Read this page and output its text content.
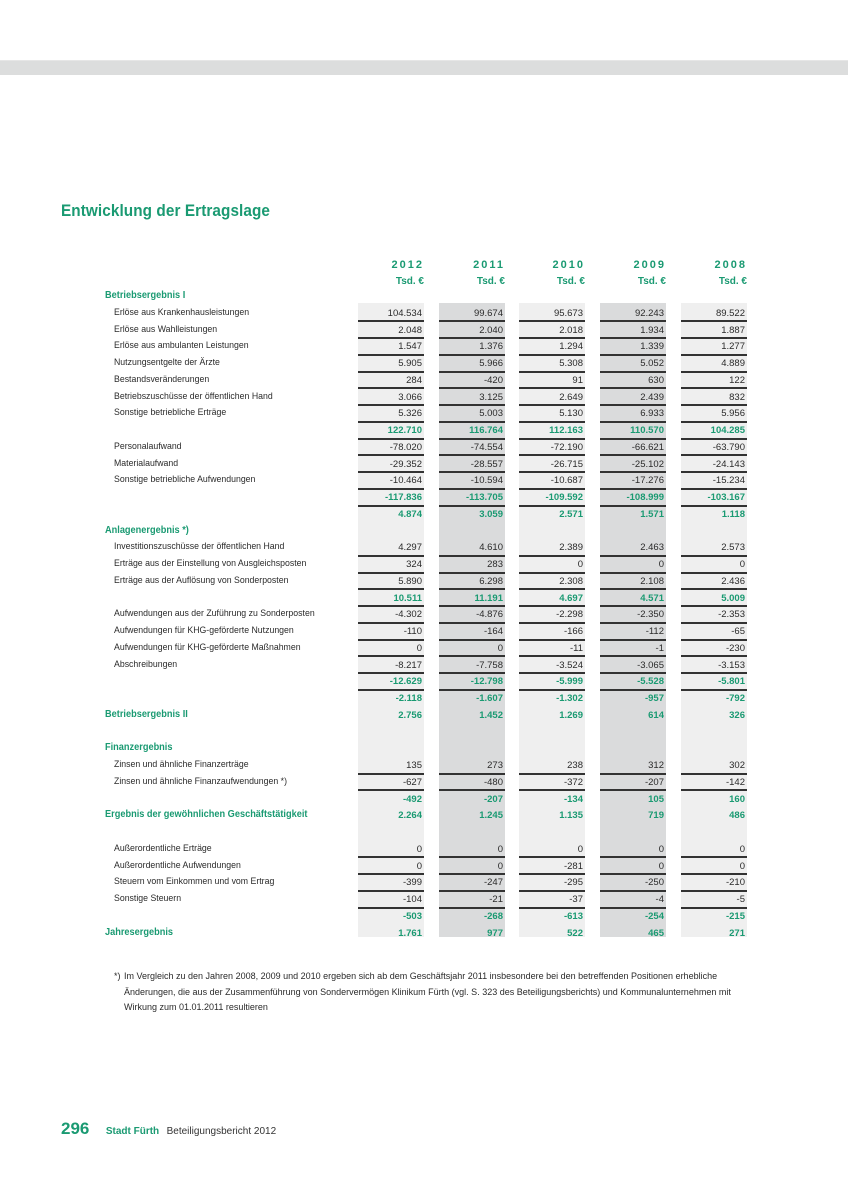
Entwicklung der Ertragslage
2012	2011	2010	2009	2008
Tsd. €	Tsd. €	Tsd. €	Tsd. €	Tsd. €
Betriebsergebnis I
Erlöse aus Krankenhausleistungen	104.534	99.674	95.673	92.243	89.522
Erlöse aus Wahlleistungen	2.048	2.040	2.018	1.934	1.887
Erlöse aus ambulanten Leistungen	1.547	1.376	1.294	1.339	1.277
Nutzungsentgelte der Ärzte	5.905	5.966	5.308	5.052	4.889
Bestandsveränderungen	284	-420	91	630	122
Betriebszuschüsse der öffentlichen Hand	3.066	3.125	2.649	2.439	832
Sonstige betriebliche Erträge	5.326	5.003	5.130	6.933	5.956
122.710	116.764	112.163	110.570	104.285
Personalaufwand	-78.020	-74.554	-72.190	-66.621	-63.790
Materialaufwand	-29.352	-28.557	-26.715	-25.102	-24.143
Sonstige betriebliche Aufwendungen	-10.464	-10.594	-10.687	-17.276	-15.234
-117.836	-113.705	-109.592	-108.999	-103.167
4.874	3.059	2.571	1.571	1.118
Anlagenergebnis *)
Investitionszuschüsse der öffentlichen Hand	4.297	4.610	2.389	2.463	2.573
Erträge aus der Einstellung von Ausgleichsposten	324	283	0	0	0
Erträge aus der Auflösung von Sonderposten	5.890	6.298	2.308	2.108	2.436
10.511	11.191	4.697	4.571	5.009
Aufwendungen aus der Zuführung zu Sonderposten	-4.302	-4.876	-2.298	-2.350	-2.353
Aufwendungen für KHG-geförderte Nutzungen	-110	-164	-166	-112	-65
Aufwendungen für KHG-geförderte Maßnahmen	0	0	-11	-1	-230
Abschreibungen	-8.217	-7.758	-3.524	-3.065	-3.153
-12.629	-12.798	-5.999	-5.528	-5.801
-2.118	-1.607	-1.302	-957	-792
Betriebsergebnis II	2.756	1.452	1.269	614	326
Finanzergebnis
Zinsen und ähnliche Finanzerträge	135	273	238	312	302
Zinsen und ähnliche Finanzaufwendungen *)	-627	-480	-372	-207	-142
-492	-207	-134	105	160
Ergebnis der gewöhnlichen Geschäftstätigkeit	2.264	1.245	1.135	719	486
Außerordentliche Erträge	0	0	0	0	0
Außerordentliche Aufwendungen	0	0	-281	0	0
Steuern vom Einkommen und vom Ertrag	-399	-247	-295	-250	-210
Sonstige Steuern	-104	-21	-37	-4	-5
-503	-268	-613	-254	-215
Jahresergebnis	1.761	977	522	465	271
*) Im Vergleich zu den Jahren 2008, 2009 und 2010 ergeben sich ab dem Geschäftsjahr 2011 insbesondere bei den betreffenden Positionen erhebliche Änderungen, die aus der Zusammenführung von Sondervermögen Klinikum Fürth (vgl. S. 323 des Beteiligungsberichts) und Kommunalunternehmen mit Wirkung zum 01.01.2011 resultieren
296 Stadt Fürth Beteiligungsbericht 2012
